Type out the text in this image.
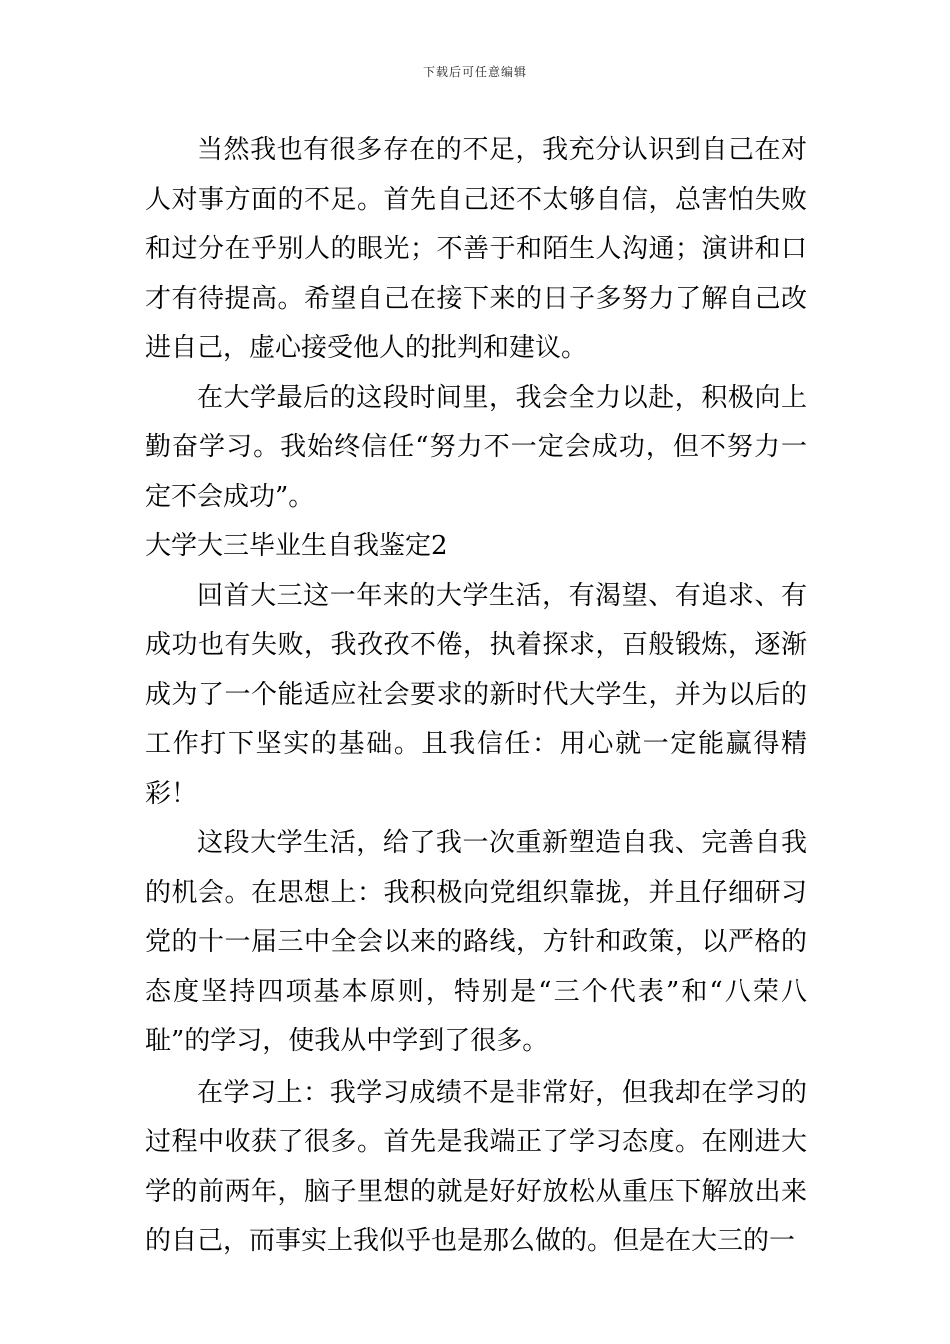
下载后可任意编辑

当然我也有很多存在的不足，我充分认识到自己在对人对事方面的不足。首先自己还不太够自信，总害怕失败和过分在乎别人的眼光；不善于和陌生人沟通；演讲和口才有待提高。希望自己在接下来的日子多努力了解自己改进自己，虚心接受他人的批判和建议。

在大学最后的这段时间里，我会全力以赴，积极向上勤奋学习。我始终信任“努力不一定会成功，但不努力一定不会成功”。

大学大三毕业生自我鉴定2

回首大三这一年来的大学生活，有渴望、有追求、有成功也有失败，我孜孜不倦，执着探求，百般锻炼，逐渐成为了一个能适应社会要求的新时代大学生，并为以后的工作打下坚实的基础。且我信任：用心就一定能赢得精彩！

这段大学生活，给了我一次重新塑造自我、完善自我的机会。在思想上：我积极向党组织靠拢，并且仔细研习党的十一届三中全会以来的路线，方针和政策，以严格的态度坚持四项基本原则，特别是“三个代表”和“八荣八耻”的学习，使我从中学到了很多。

在学习上：我学习成绩不是非常好，但我却在学习的过程中收获了很多。首先是我端正了学习态度。在刚进大学的前两年，脑子里想的就是好好放松从重压下解放出来的自己，而事实上我似乎也是那么做的。但是在大三的一
